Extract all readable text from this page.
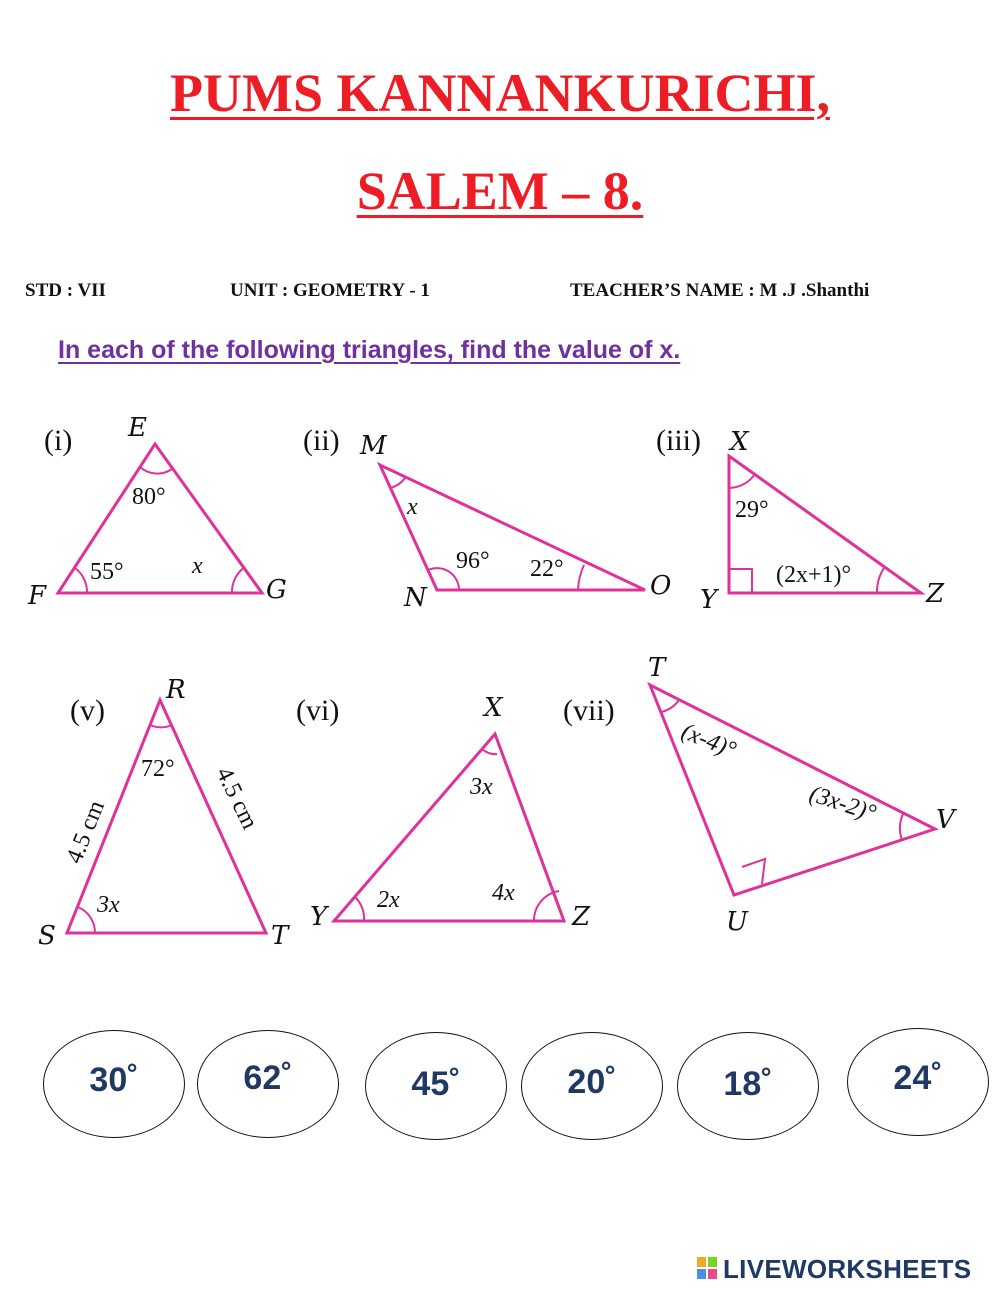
PUMS KANNANKURICHI,
SALEM – 8.
STD : VII	UNIT : GEOMETRY - 1	TEACHER’S NAME : M .J .Shanthi
In each of the following triangles, find the value of x.
(i) E
F	G
80°
55°	x
(ii) M
N	O
x
96° 22°
(iii) X
Y	Z
29°
(2x+1)°
(v)
R
S	T
72°
3x
4.5 cm	4.5 cm
(vi)	X
Y	Z
3x
2x	4x
(vii)
T
U
V
(x-4)°
(3x-2)°
30˚	62˚	45˚	20˚	18˚	24˚
LIVEWORKSHEETS
